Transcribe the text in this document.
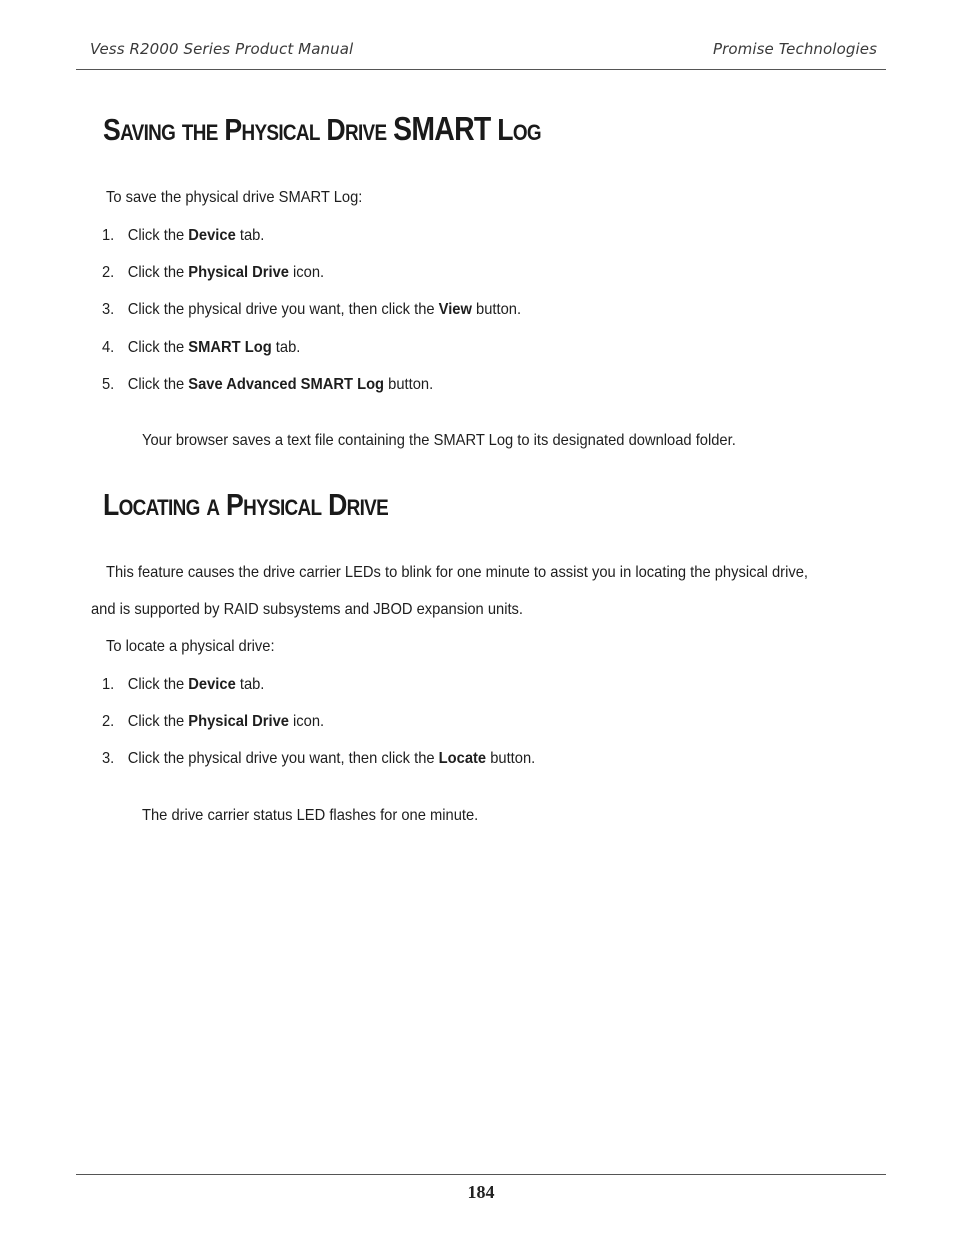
Vess R2000 Series Product Manual	Promise Technologies
Saving the Physical Drive SMART Log
To save the physical drive SMART Log:
1. Click the Device tab.
2. Click the Physical Drive icon.
3. Click the physical drive you want, then click the View button.
4. Click the SMART Log tab.
5. Click the Save Advanced SMART Log button.
Your browser saves a text file containing the SMART Log to its designated download folder.
Locating a Physical Drive
This feature causes the drive carrier LEDs to blink for one minute to assist you in locating the physical drive,
and is supported by RAID subsystems and JBOD expansion units.
To locate a physical drive:
1. Click the Device tab.
2. Click the Physical Drive icon.
3. Click the physical drive you want, then click the Locate button.
The drive carrier status LED flashes for one minute.
184
